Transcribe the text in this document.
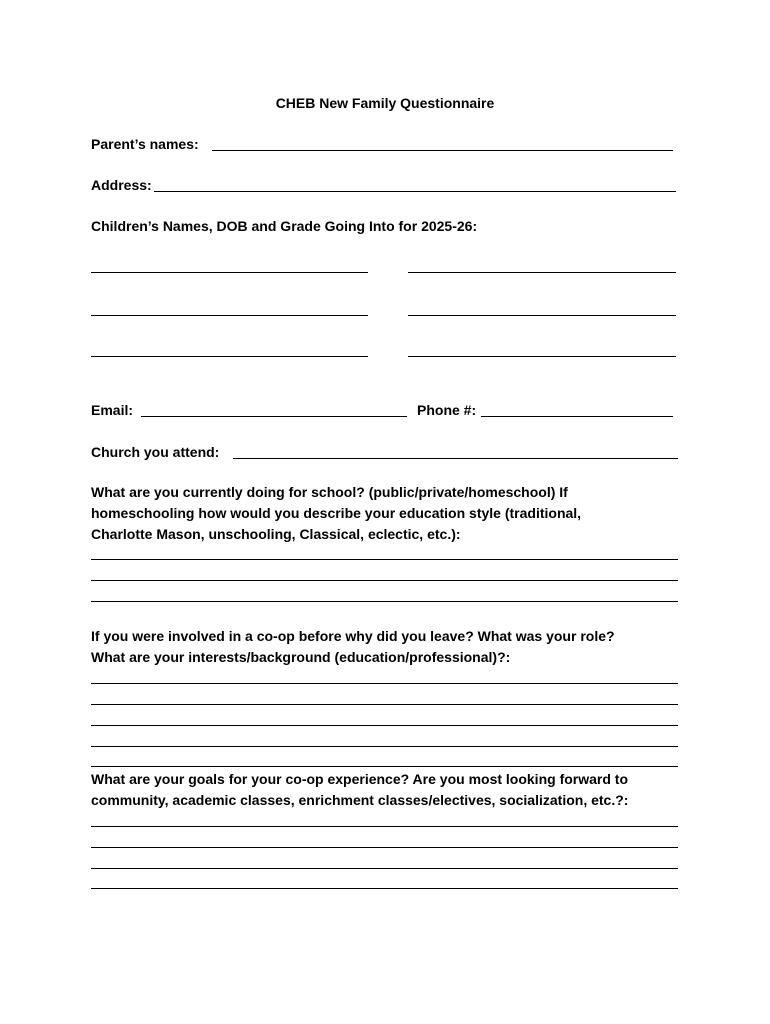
CHEB New Family Questionnaire
Parent’s names:
Address:
Children’s Names, DOB and Grade Going Into for 2025-26:
Email:	Phone #:
Church you attend:
What are you currently doing for school? (public/private/homeschool) If
homeschooling how would you describe your education style (traditional,
Charlotte Mason, unschooling, Classical, eclectic, etc.):
If you were involved in a co-op before why did you leave? What was your role?
What are your interests/background (education/professional)?:
What are your goals for your co-op experience? Are you most looking forward to
community, academic classes, enrichment classes/electives, socialization, etc.?:
